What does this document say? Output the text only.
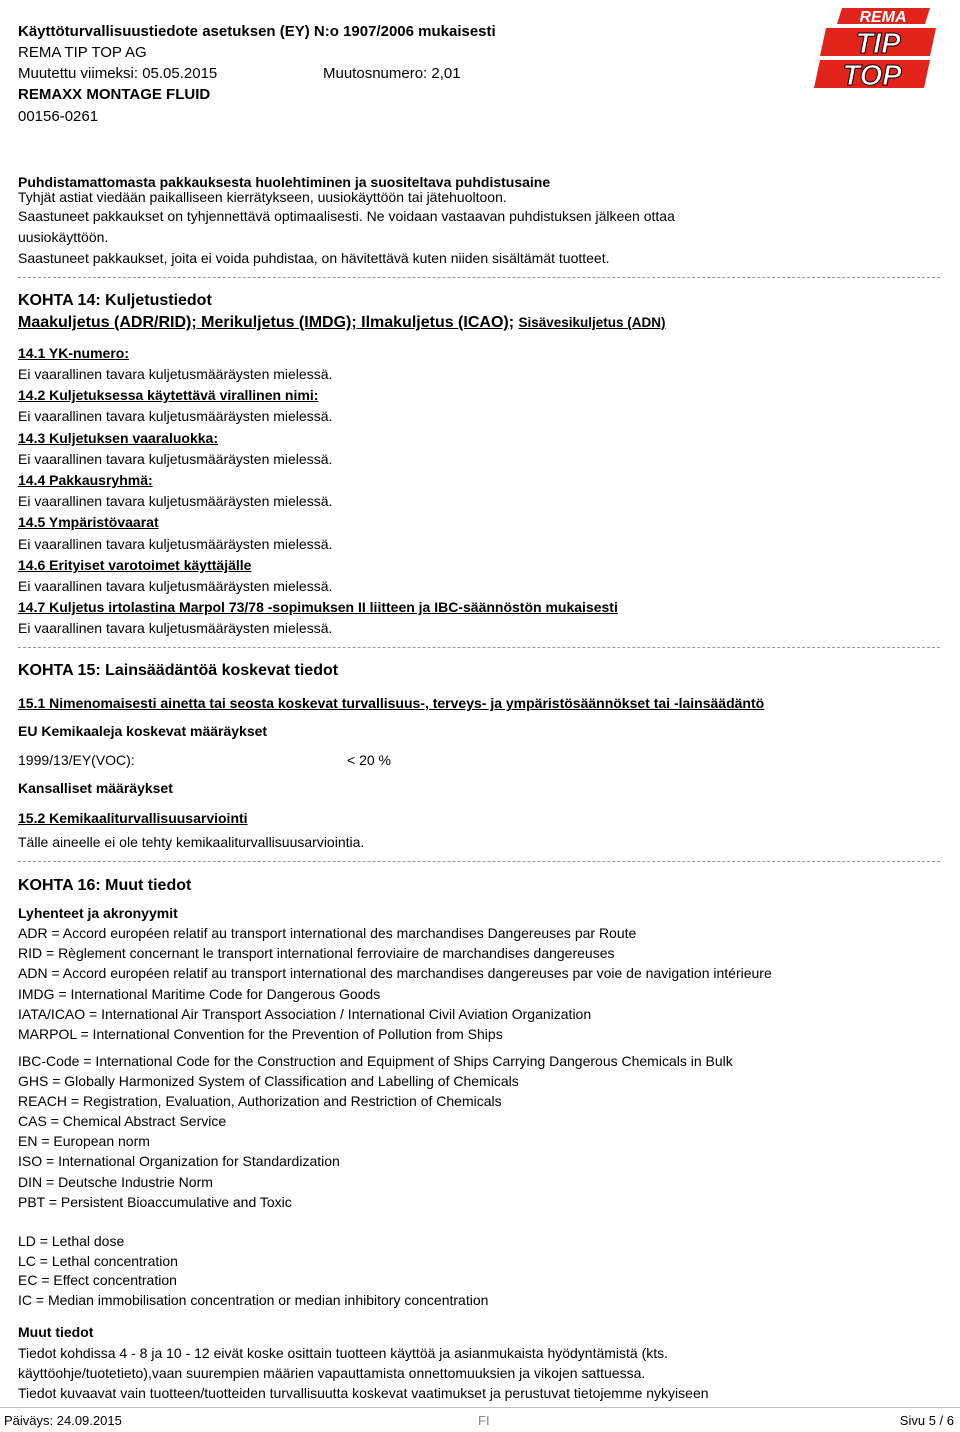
Käyttöturvallisuustiedote asetuksen (EY) N:o 1907/2006 mukaisesti
REMA TIP TOP AG
Muutettu viimeksi: 05.05.2015	Muutosnumero: 2,01
REMAXX MONTAGE FLUID
00156-0261
REMA
TIP
TOP
Puhdistamattomasta pakkauksesta huolehtiminen ja suositeltava puhdistusaine
Tyhjät astiat viedään paikalliseen kierrätykseen, uusiokäyttöön tai jätehuoltoon.
Saastuneet pakkaukset on tyhjennettävä optimaalisesti. Ne voidaan vastaavan puhdistuksen jälkeen ottaa
uusiokäyttöön.
Saastuneet pakkaukset, joita ei voida puhdistaa, on hävitettävä kuten niiden sisältämät tuotteet.
KOHTA 14: Kuljetustiedot
Maakuljetus (ADR/RID); Merikuljetus (IMDG); Ilmakuljetus (ICAO); Sisävesikuljetus (ADN)
14.1 YK-numero:
Ei vaarallinen tavara kuljetusmääräysten mielessä.
14.2 Kuljetuksessa käytettävä virallinen nimi:
Ei vaarallinen tavara kuljetusmääräysten mielessä.
14.3 Kuljetuksen vaaraluokka:
Ei vaarallinen tavara kuljetusmääräysten mielessä.
14.4 Pakkausryhmä:
Ei vaarallinen tavara kuljetusmääräysten mielessä.
14.5 Ympäristövaarat
Ei vaarallinen tavara kuljetusmääräysten mielessä.
14.6 Erityiset varotoimet käyttäjälle
Ei vaarallinen tavara kuljetusmääräysten mielessä.
14.7 Kuljetus irtolastina Marpol 73/78 -sopimuksen II liitteen ja IBC-säännöstön mukaisesti
Ei vaarallinen tavara kuljetusmääräysten mielessä.
KOHTA 15: Lainsäädäntöä koskevat tiedot
15.1 Nimenomaisesti ainetta tai seosta koskevat turvallisuus-, terveys- ja ympäristösäännökset tai -lainsäädäntö
EU Kemikaaleja koskevat määräykset
1999/13/EY(VOC):	< 20 %
Kansalliset määräykset
15.2 Kemikaaliturvallisuusarviointi
Tälle aineelle ei ole tehty kemikaaliturvallisuusarviointia.
KOHTA 16: Muut tiedot
Lyhenteet ja akronyymit
ADR = Accord européen relatif au transport international des marchandises Dangereuses par Route
RID = Règlement concernant le transport international ferroviaire de marchandises dangereuses
ADN = Accord européen relatif au transport international des marchandises dangereuses par voie de navigation intérieure
IMDG = International Maritime Code for Dangerous Goods
IATA/ICAO = International Air Transport Association / International Civil Aviation Organization
MARPOL = International Convention for the Prevention of Pollution from Ships
IBC-Code = International Code for the Construction and Equipment of Ships Carrying Dangerous Chemicals in Bulk
GHS = Globally Harmonized System of Classification and Labelling of Chemicals
REACH = Registration, Evaluation, Authorization and Restriction of Chemicals
CAS = Chemical Abstract Service
EN = European norm
ISO = International Organization for Standardization
DIN = Deutsche Industrie Norm
PBT = Persistent Bioaccumulative and Toxic
LD = Lethal dose
LC = Lethal concentration
EC = Effect concentration
IC = Median immobilisation concentration or median inhibitory concentration
Muut tiedot
Tiedot kohdissa 4 - 8 ja 10 - 12 eivät koske osittain tuotteen käyttöä ja asianmukaista hyödyntämistä (kts.
käyttöohje/tuotetieto),vaan suurempien määrien vapauttamista onnettomuuksien ja vikojen sattuessa.
Tiedot kuvaavat vain tuotteen/tuotteiden turvallisuutta koskevat vaatimukset ja perustuvat tietojemme nykyiseen
Päiväys: 24.09.2015	FI	Sivu 5 / 6
